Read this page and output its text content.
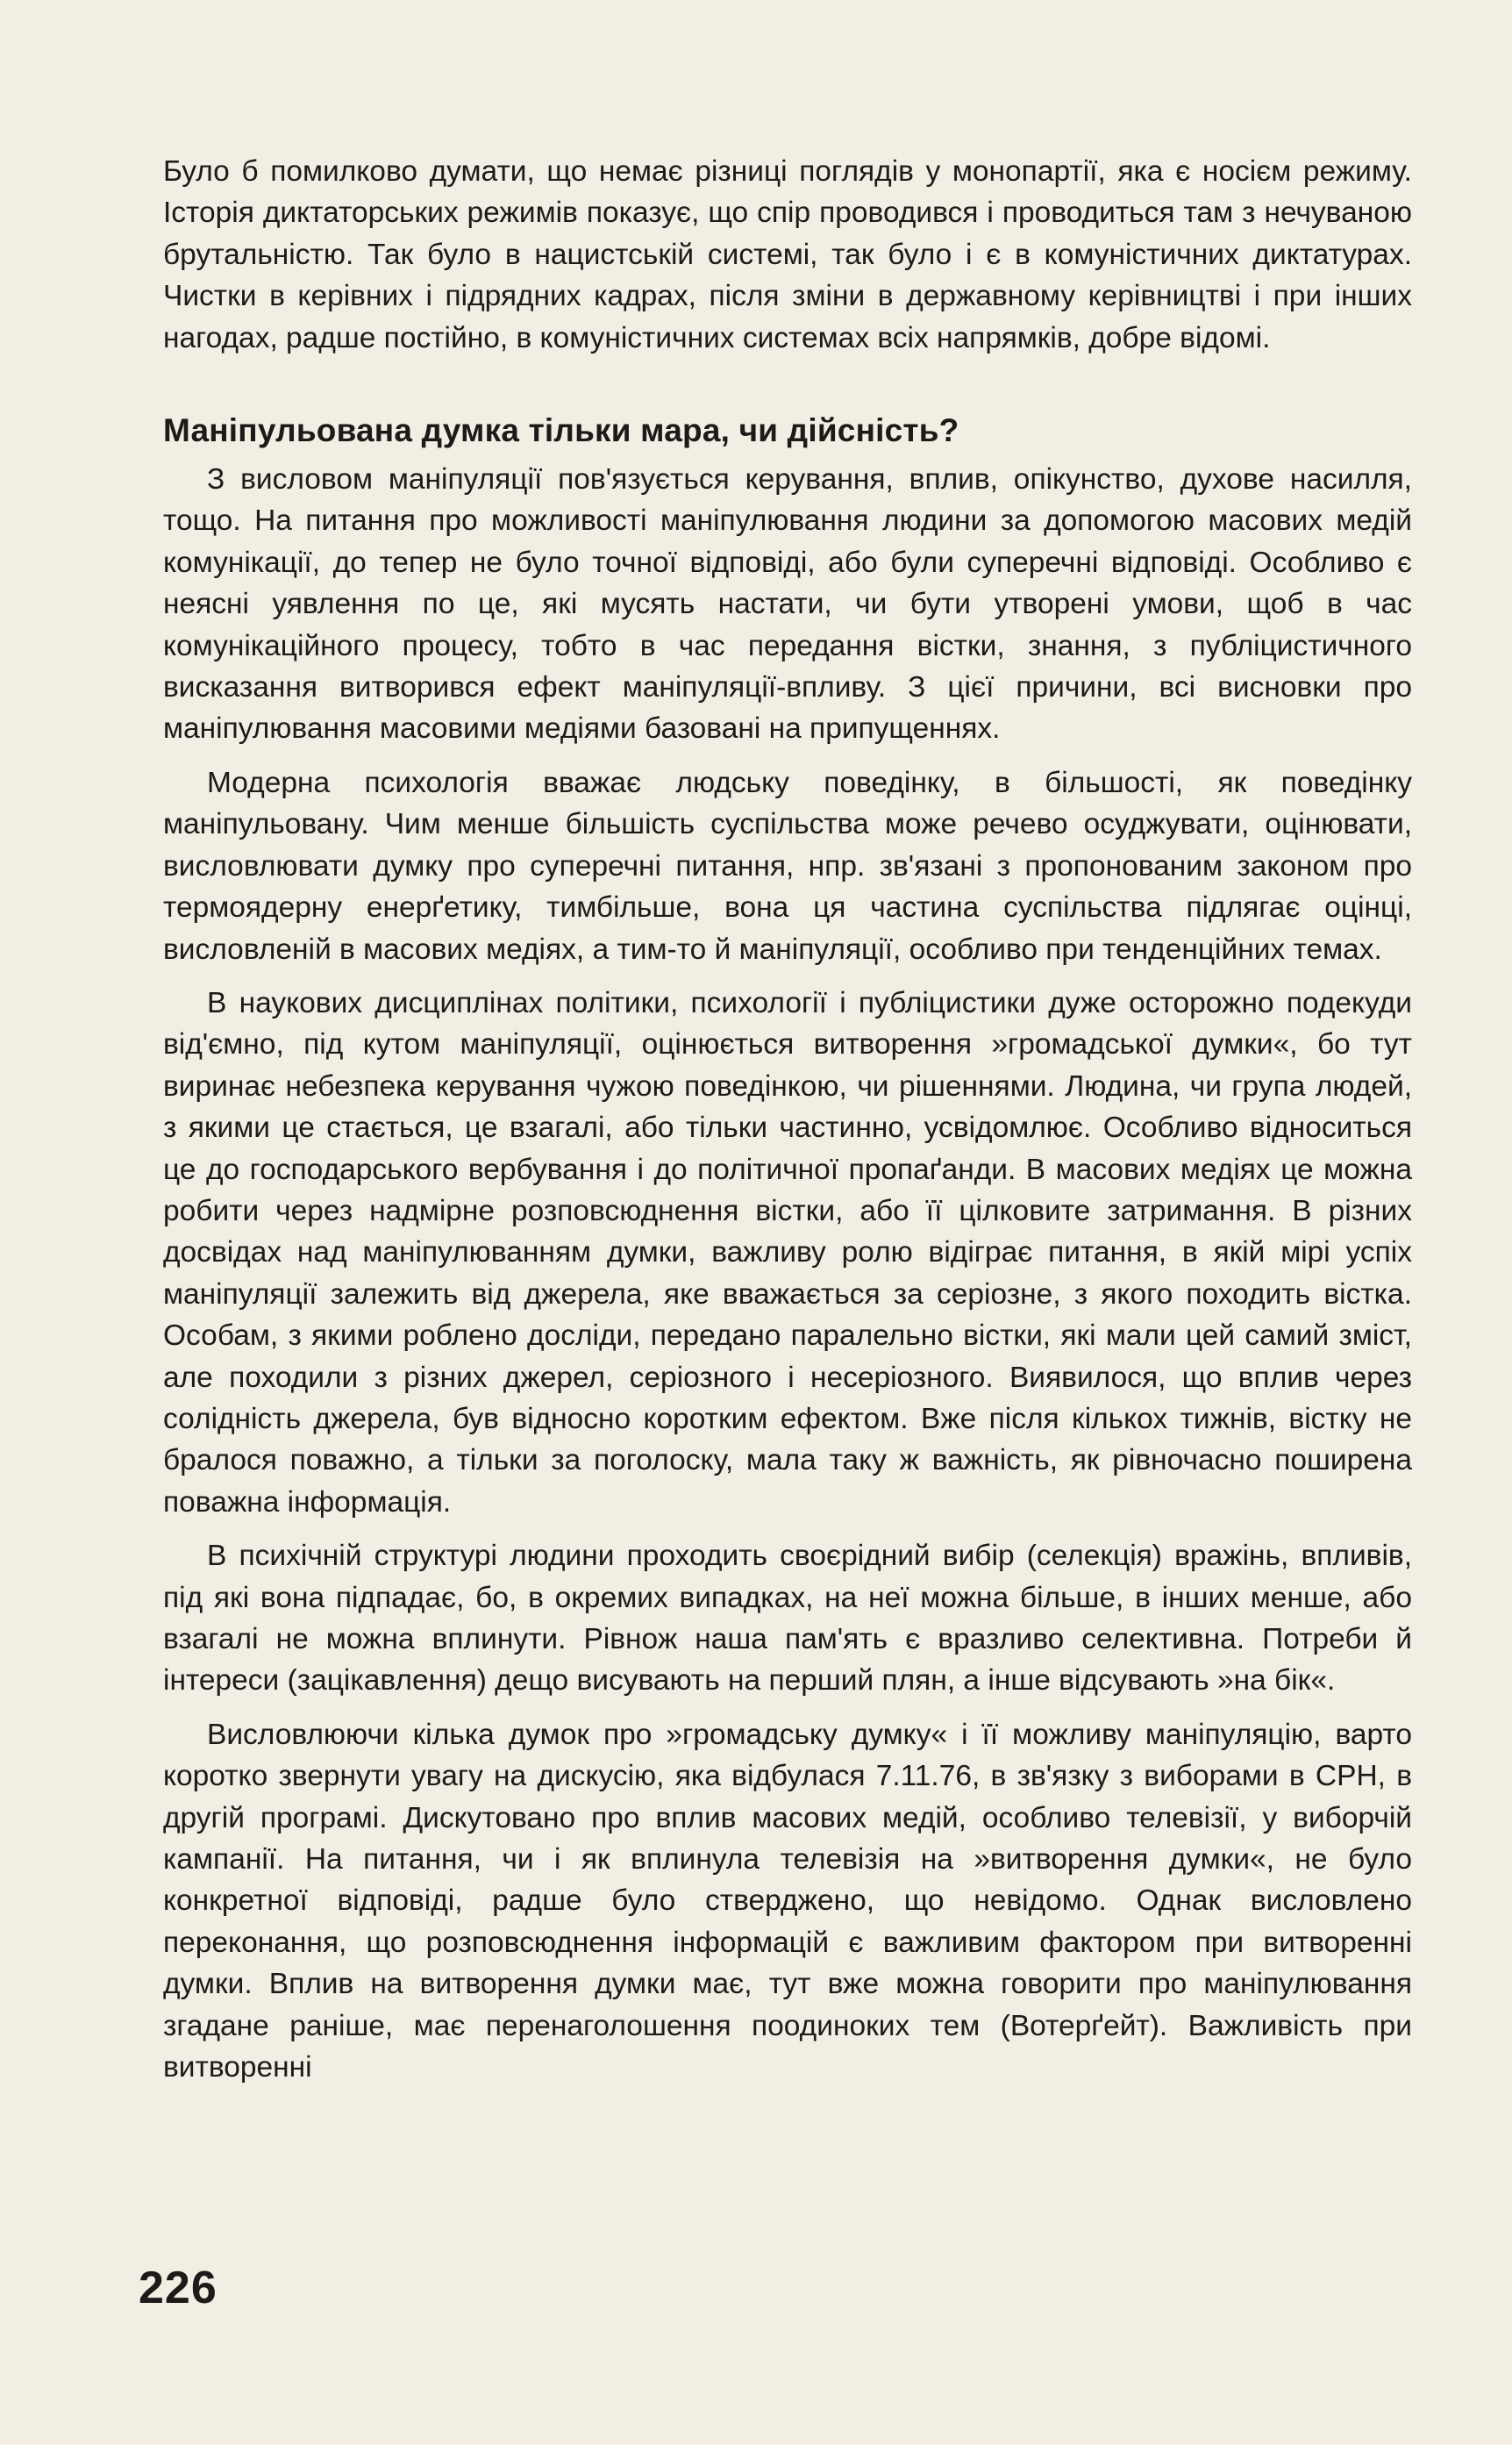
Було б помилково думати, що немає різниці поглядів у монопартії, яка є носієм режиму. Історія диктаторських режимів показує, що спір проводився і проводиться там з нечуваною брутальністю. Так було в нацистській системі, так було і є в комуністичних диктатурах. Чистки в керівних і підрядних кадрах, після зміни в державному керівництві і при інших нагодах, радше постійно, в комуністичних системах всіх напрямків, добре відомі.

Маніпульована думка тільки мара, чи дійсність?

З висловом маніпуляції пов'язується керування, вплив, опікунство, духове насилля, тощо. На питання про можливості маніпулювання людини за допомогою масових медій комунікації, до тепер не було точної відповіді, або були суперечні відповіді. Особливо є неясні уявлення по це, які мусять настати, чи бути утворені умови, щоб в час комунікаційного процесу, тобто в час передання вістки, знання, з публіцистичного висказання витворився ефект маніпуляції-впливу. З цієї причини, всі висновки про маніпулювання масовими медіями базовані на припущеннях.

Модерна психологія вважає людську поведінку, в більшості, як поведінку маніпульовану. Чим менше більшість суспільства може речево осуджувати, оцінювати, висловлювати думку про суперечні питання, нпр. зв'язані з пропонованим законом про термоядерну енерґетику, тимбільше, вона ця частина суспільства підлягає оцінці, висловленій в масових медіях, а тим-то й маніпуляції, особливо при тенденційних темах.

В наукових дисциплінах політики, психології і публіцистики дуже осторожно подекуди від'ємно, під кутом маніпуляції, оцінюється витворення »громадської думки«, бо тут виринає небезпека керування чужою поведінкою, чи рішеннями. Людина, чи група людей, з якими це стається, це взагалі, або тільки частинно, усвідомлює. Особливо відноситься це до господарського вербування і до політичної пропаґанди. В масових медіях це можна робити через надмірне розповсюднення вістки, або її цілковите затримання. В різних досвідах над маніпулюванням думки, важливу ролю відіграє питання, в якій мірі успіх маніпуляції залежить від джерела, яке вважається за серіозне, з якого походить вістка. Особам, з якими роблено досліди, передано паралельно вістки, які мали цей самий зміст, але походили з різних джерел, серіозного і несеріозного. Виявилося, що вплив через солідність джерела, був відносно коротким ефектом. Вже після кількох тижнів, вістку не бралося поважно, а тільки за поголоску, мала таку ж важність, як рівночасно поширена поважна інформація.

В психічній структурі людини проходить своєрідний вибір (селекція) вражінь, впливів, під які вона підпадає, бо, в окремих випадках, на неї можна більше, в інших менше, або взагалі не можна вплинути. Рівнож наша пам'ять є вразливо селективна. Потреби й інтереси (зацікавлення) дещо висувають на перший плян, а інше відсувають »на бік«.

Висловлюючи кілька думок про »громадську думку« і її можливу маніпуляцію, варто коротко звернути увагу на дискусію, яка відбулася 7.11.76, в зв'язку з виборами в СРН, в другій програмі. Дискутовано про вплив масових медій, особливо телевізії, у виборчій кампанії. На питання, чи і як вплинула телевізія на »витворення думки«, не було конкретної відповіді, радше було стверджено, що невідомо. Однак висловлено переконання, що розповсюднення інформацій є важливим фактором при витворенні думки. Вплив на витворення думки має, тут вже можна говорити про маніпулювання згадане раніше, має перенаголошення поодиноких тем (Вотерґейт). Важливість при витворенні

226
